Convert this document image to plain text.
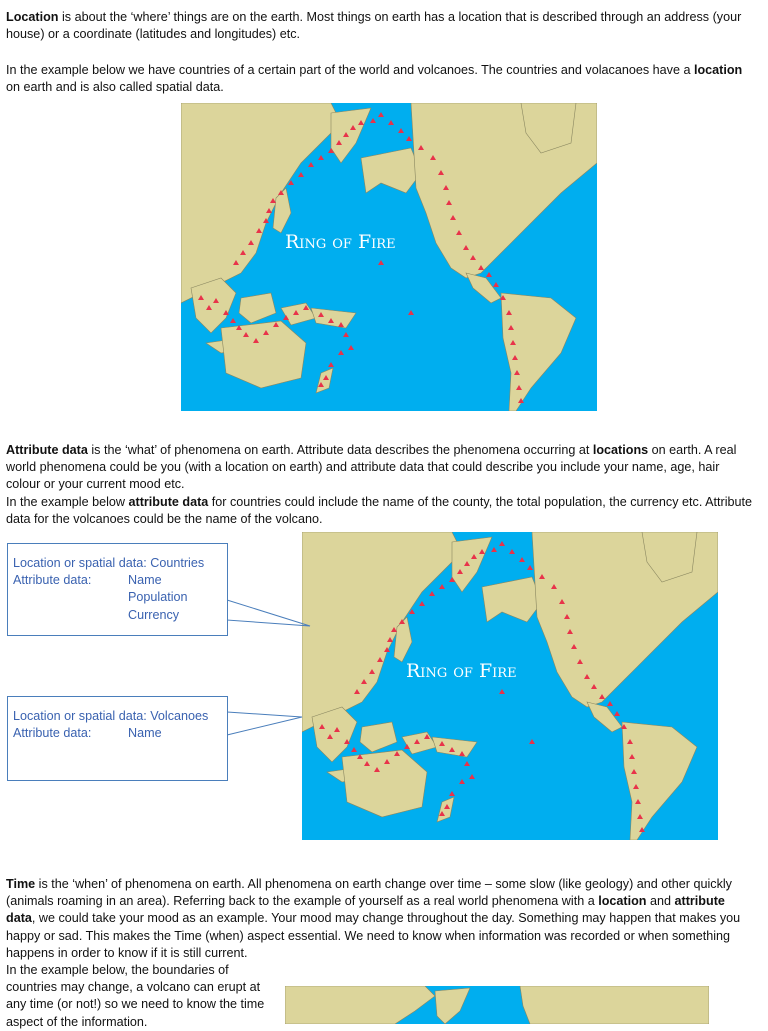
Location is about the ‘where’ things are on the earth. Most things on earth has a location that is described through an address (your house) or a coordinate (latitudes and longitudes) etc.

In the example below we have countries of a certain part of the world and volcanoes. The countries and volacanoes have a location on earth and is also called spatial data.

Ring of Fire

Attribute data is the ‘what’ of phenomena on earth. Attribute data describes the phenomena occurring at locations on earth. A real world phenomena could be you (with a location on earth) and attribute data that could describe you include your name, age, hair colour or your current mood etc.

In the example below attribute data for countries could include the name of the county, the total population, the currency etc. Attribute data for the volcanoes could be the name of the volcano.

Ring of Fire
Location or spatial data: Countries
Attribute data:	Name
Population
Currency
Location or spatial data: Volcanoes
Attribute data:	Name

Time is the ‘when’ of phenomena on earth. All phenomena on earth change over time – some slow (like geology) and other quickly (animals roaming in an area). Referring back to the example of yourself as a real world phenomena with a location and attribute data, we could take your mood as an example. Your mood may change throughout the day. Something may happen that makes you happy or sad. This makes the Time (when) aspect essential. We need to know when information was recorded or when something happens in order to know if it is still current.

In the example below, the boundaries of countries may change, a volcano can erupt at any time (or not!) so we need to know the time aspect of the information.
